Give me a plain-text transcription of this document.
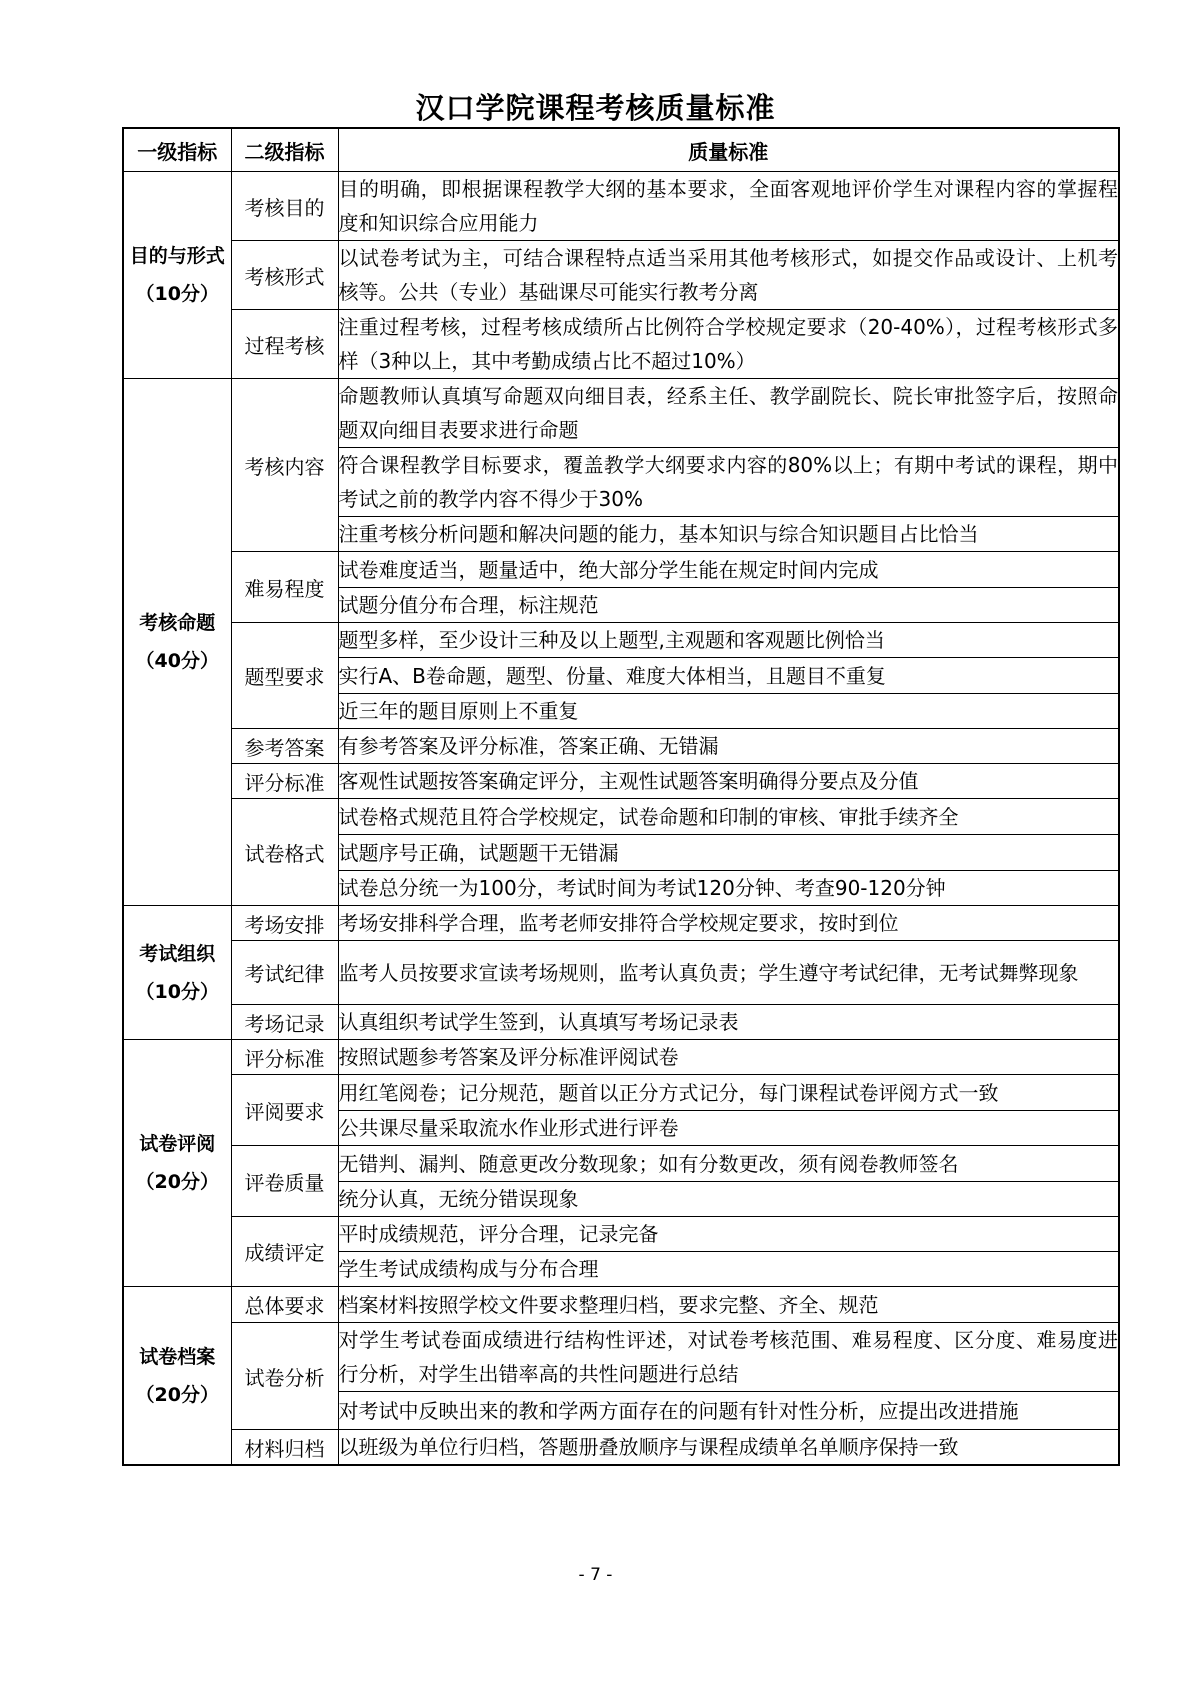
汉口学院课程考核质量标准
一级指标	二级指标	质量标准

目的与形式
（10分）	考核目的	目的明确，即根据课程教学大纲的基本要求，全面客观地评价学生对课程内容的掌握程度和知识综合应用能力
	考核形式	以试卷考试为主，可结合课程特点适当采用其他考核形式，如提交作品或设计、上机考核等。公共（专业）基础课尽可能实行教考分离
	过程考核	注重过程考核，过程考核成绩所占比例符合学校规定要求（20-40%），过程考核形式多样（3种以上，其中考勤成绩占比不超过10%）

考核命题
（40分）	考核内容	命题教师认真填写命题双向细目表，经系主任、教学副院长、院长审批签字后，按照命题双向细目表要求进行命题
		符合课程教学目标要求，覆盖教学大纲要求内容的80%以上；有期中考试的课程，期中考试之前的教学内容不得少于30%
		注重考核分析问题和解决问题的能力，基本知识与综合知识题目占比恰当
	难易程度	试卷难度适当，题量适中，绝大部分学生能在规定时间内完成
		试题分值分布合理，标注规范
	题型要求	题型多样，至少设计三种及以上题型,主观题和客观题比例恰当
		实行A、B卷命题，题型、份量、难度大体相当，且题目不重复
		近三年的题目原则上不重复
	参考答案	有参考答案及评分标准，答案正确、无错漏
	评分标准	客观性试题按答案确定评分，主观性试题答案明确得分要点及分值
	试卷格式	试卷格式规范且符合学校规定，试卷命题和印制的审核、审批手续齐全
		试题序号正确，试题题干无错漏
		试卷总分统一为100分，考试时间为考试120分钟、考查90-120分钟

考试组织
（10分）	考场安排	考场安排科学合理，监考老师安排符合学校规定要求，按时到位
	考试纪律	监考人员按要求宣读考场规则，监考认真负责；学生遵守考试纪律，无考试舞弊现象
	考场记录	认真组织考试学生签到，认真填写考场记录表

试卷评阅
（20分）	评分标准	按照试题参考答案及评分标准评阅试卷
	评阅要求	用红笔阅卷；记分规范，题首以正分方式记分，每门课程试卷评阅方式一致
		公共课尽量采取流水作业形式进行评卷
	评卷质量	无错判、漏判、随意更改分数现象；如有分数更改，须有阅卷教师签名
		统分认真，无统分错误现象
	成绩评定	平时成绩规范，评分合理，记录完备
		学生考试成绩构成与分布合理

试卷档案
（20分）	总体要求	档案材料按照学校文件要求整理归档，要求完整、齐全、规范
	试卷分析	对学生考试卷面成绩进行结构性评述，对试卷考核范围、难易程度、区分度、难易度进行分析，对学生出错率高的共性问题进行总结
		对考试中反映出来的教和学两方面存在的问题有针对性分析，应提出改进措施
	材料归档	以班级为单位行归档，答题册叠放顺序与课程成绩单名单顺序保持一致
- 7 -
